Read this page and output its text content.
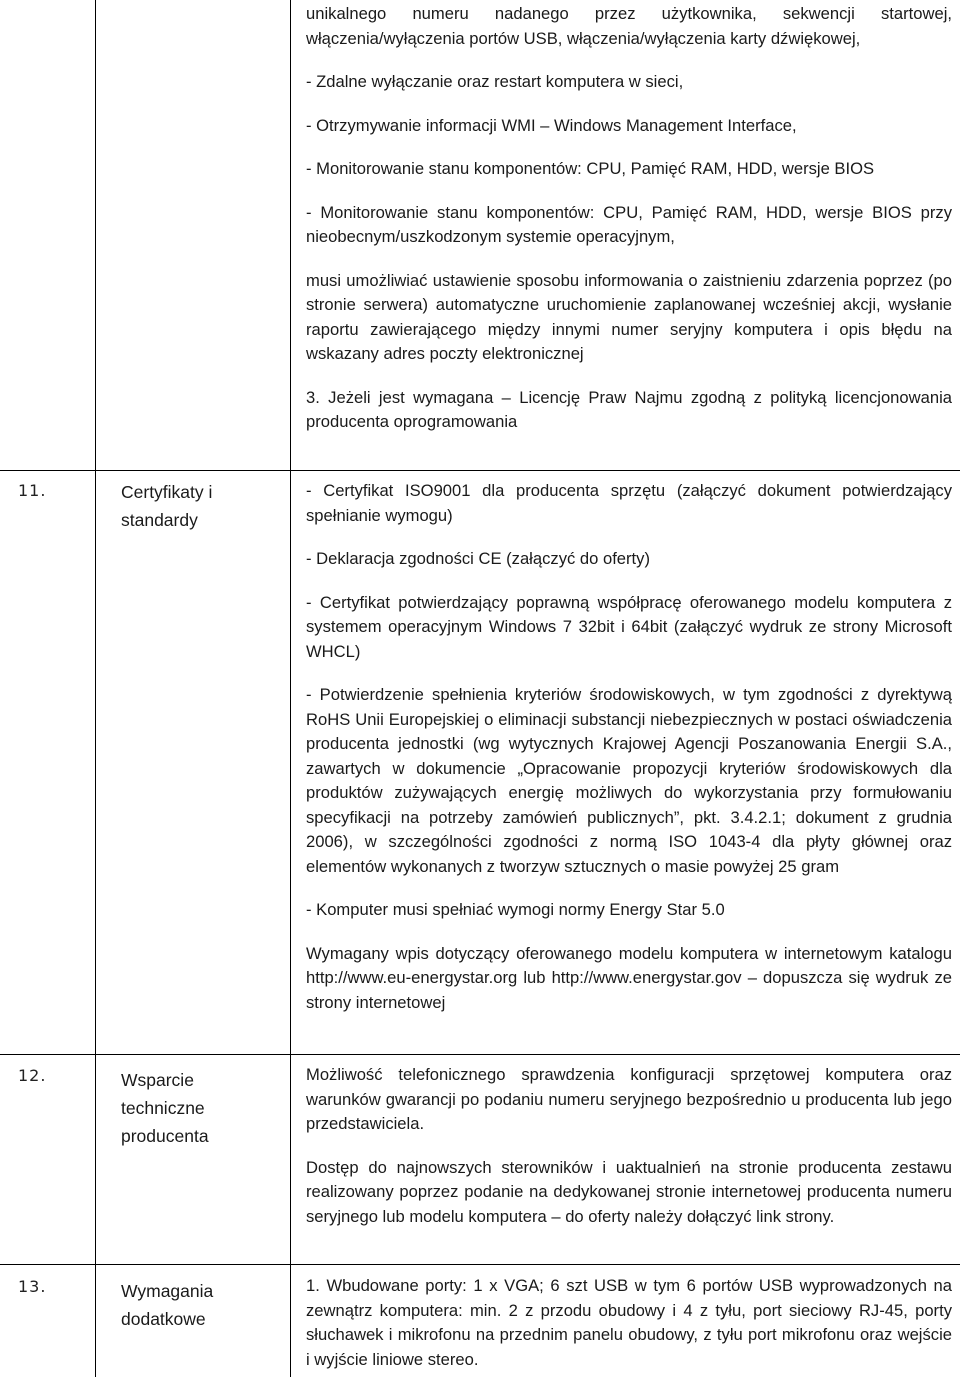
unikalnego numeru nadanego przez użytkownika, sekwencji startowej, włączenia/wyłączenia portów USB, włączenia/wyłączenia karty dźwiękowej,

- Zdalne wyłączanie oraz restart komputera w sieci,

- Otrzymywanie informacji WMI – Windows Management Interface,

- Monitorowanie stanu komponentów: CPU, Pamięć RAM, HDD, wersje BIOS

- Monitorowanie stanu komponentów: CPU, Pamięć RAM, HDD, wersje BIOS przy nieobecnym/uszkodzonym systemie operacyjnym,

musi umożliwiać ustawienie sposobu informowania o zaistnieniu zdarzenia poprzez (po stronie serwera) automatyczne uruchomienie zaplanowanej wcześniej akcji, wysłanie raportu zawierającego między innymi numer seryjny komputera i opis błędu na wskazany adres poczty elektronicznej

3. Jeżeli jest wymagana – Licencję Praw Najmu zgodną z polityką licencjonowania producenta oprogramowania

11.	Certyfikaty i standardy

- Certyfikat ISO9001 dla producenta sprzętu (załączyć dokument potwierdzający spełnianie wymogu)

- Deklaracja zgodności CE (załączyć do oferty)

- Certyfikat potwierdzający poprawną współpracę oferowanego modelu komputera z systemem operacyjnym Windows 7 32bit i 64bit (załączyć wydruk ze strony Microsoft WHCL)

- Potwierdzenie spełnienia kryteriów środowiskowych, w tym zgodności z dyrektywą RoHS Unii Europejskiej o eliminacji substancji niebezpiecznych w postaci oświadczenia producenta jednostki (wg wytycznych Krajowej Agencji Poszanowania Energii S.A., zawartych w dokumencie „Opracowanie propozycji kryteriów środowiskowych dla produktów zużywających energię możliwych do wykorzystania przy formułowaniu specyfikacji na potrzeby zamówień publicznych”, pkt. 3.4.2.1; dokument z grudnia 2006), w szczególności zgodności z normą ISO 1043-4 dla płyty głównej oraz elementów wykonanych z tworzyw sztucznych o masie powyżej 25 gram

- Komputer musi spełniać wymogi normy Energy Star 5.0

Wymagany wpis dotyczący oferowanego modelu komputera w internetowym katalogu http://www.eu-energystar.org lub http://www.energystar.gov – dopuszcza się wydruk ze strony internetowej

12.	Wsparcie techniczne producenta

Możliwość telefonicznego sprawdzenia konfiguracji sprzętowej komputera oraz warunków gwarancji po podaniu numeru seryjnego bezpośrednio u producenta lub jego przedstawiciela.

Dostęp do najnowszych sterowników i uaktualnień na stronie producenta zestawu realizowany poprzez podanie na dedykowanej stronie internetowej producenta numeru seryjnego lub modelu komputera – do oferty należy dołączyć link strony.

13.	Wymagania dodatkowe

1. Wbudowane porty: 1 x VGA; 6 szt USB w tym 6 portów USB wyprowadzonych na zewnątrz komputera: min. 2 z przodu obudowy i 4 z tyłu, port sieciowy RJ-45, porty słuchawek i mikrofonu na przednim panelu obudowy, z tyłu port mikrofonu oraz wejście i wyjście liniowe stereo.
